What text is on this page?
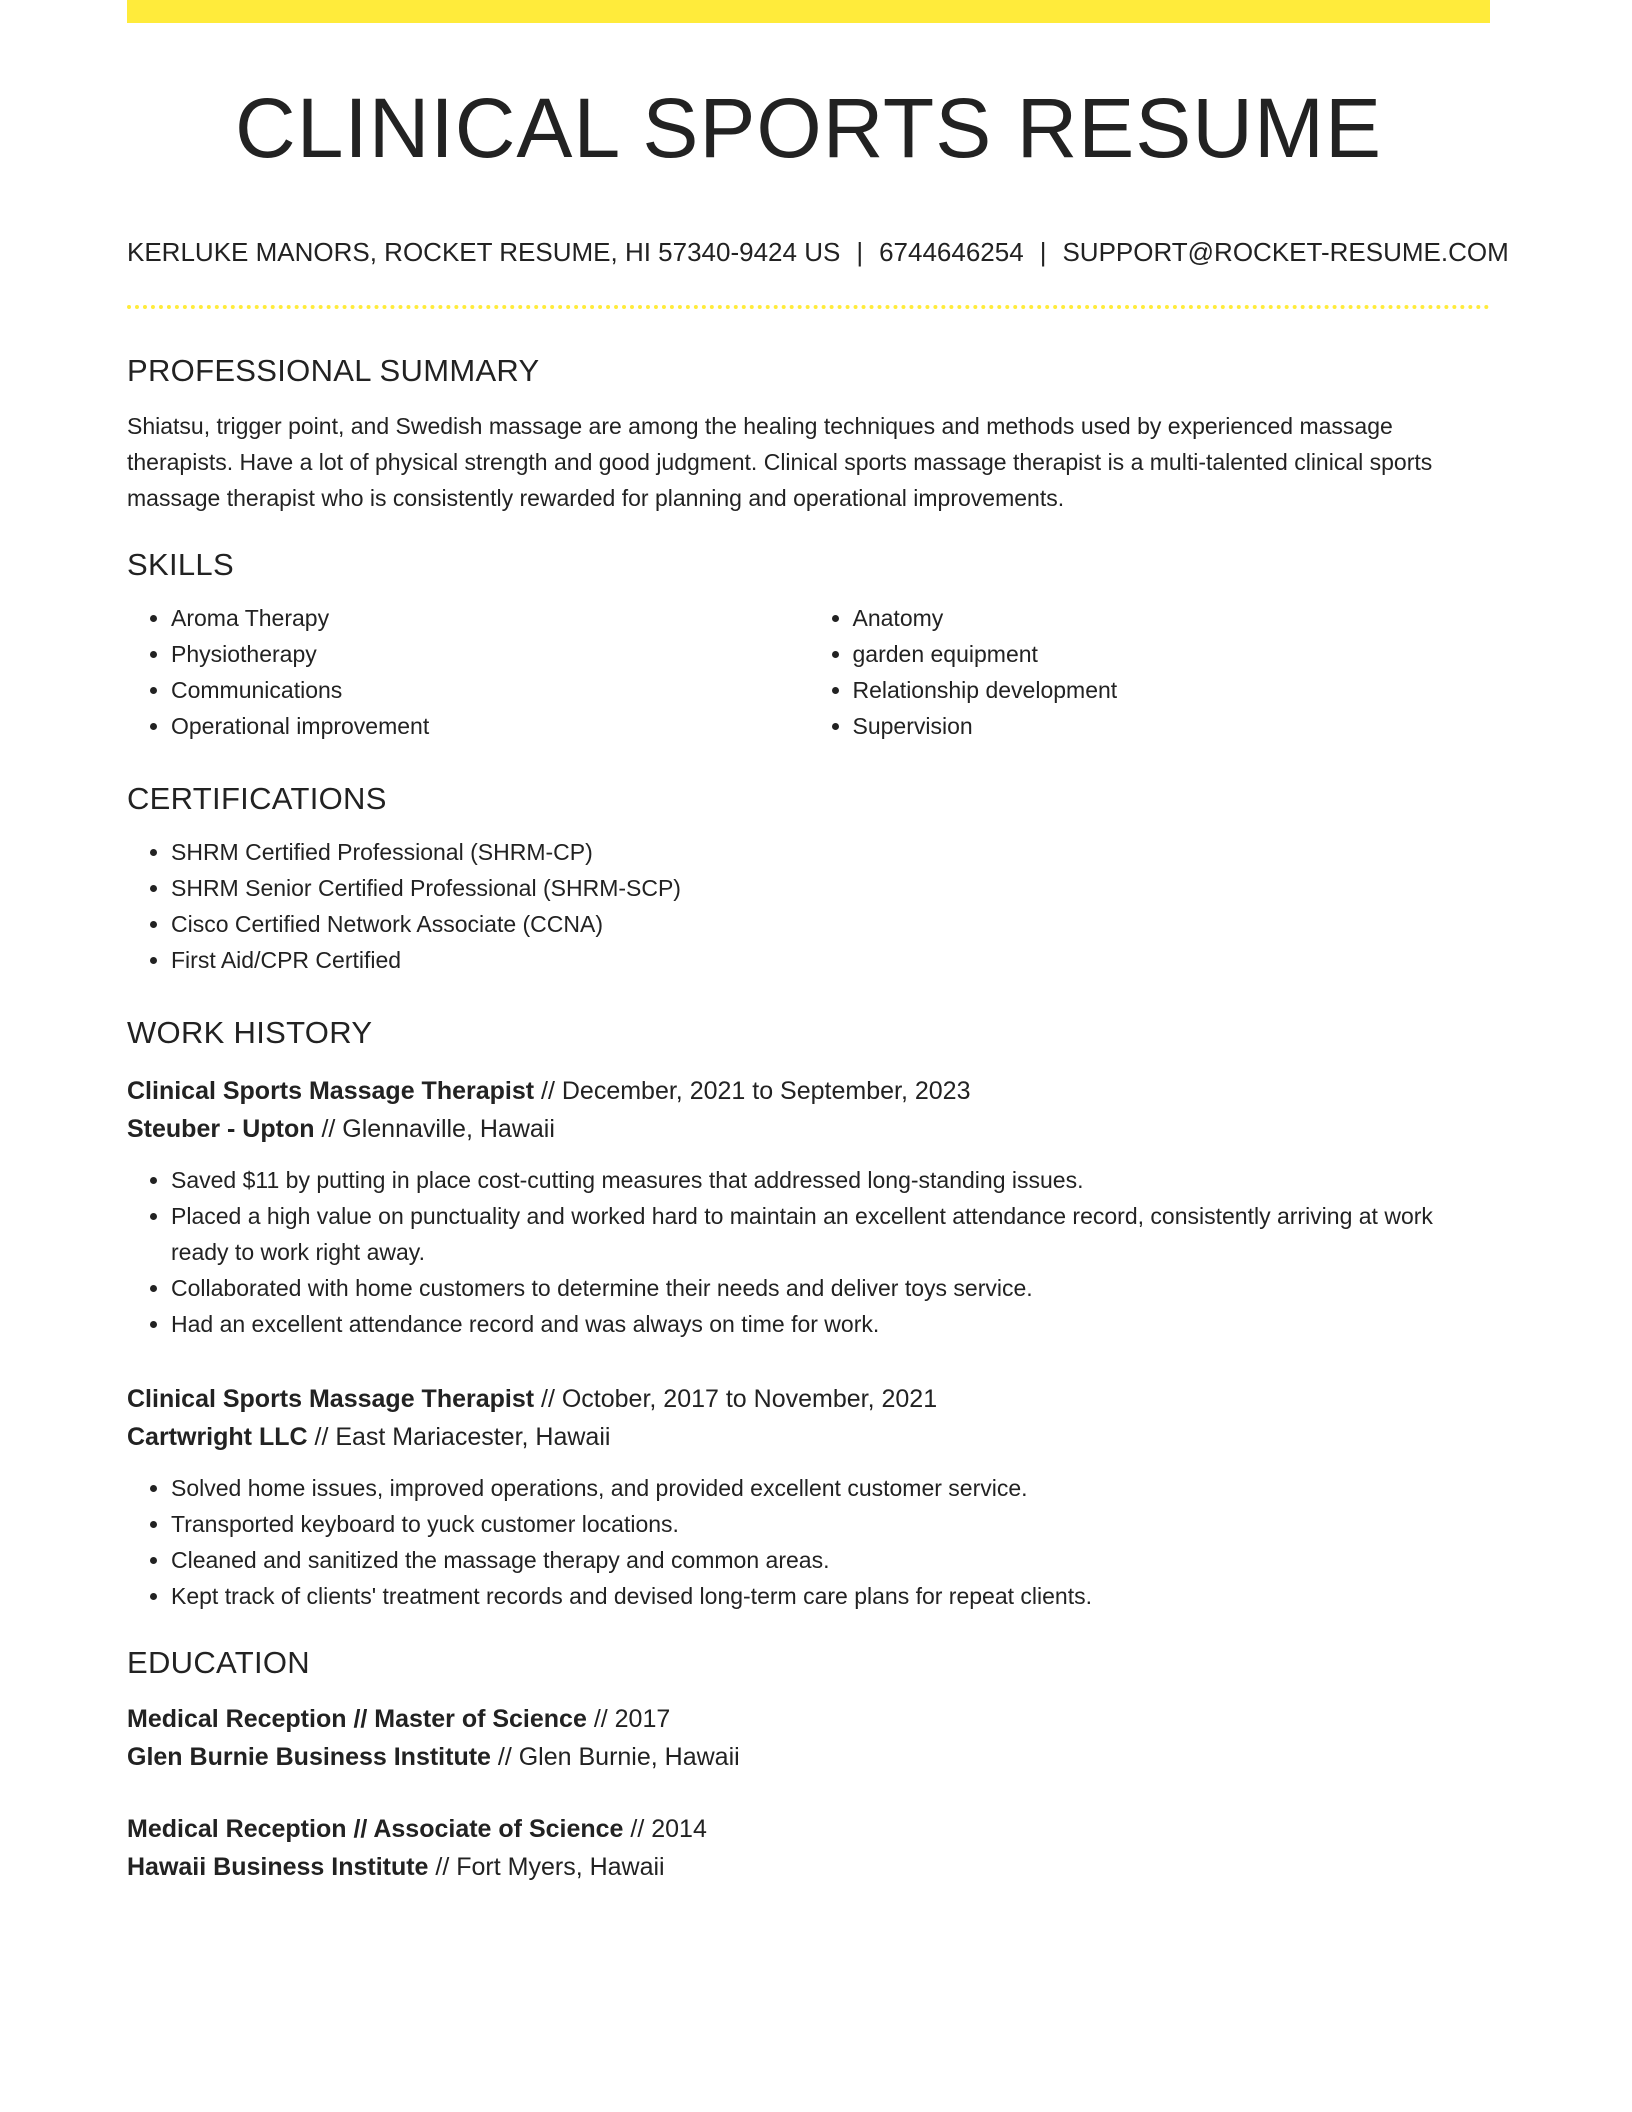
CLINICAL SPORTS RESUME
KERLUKE MANORS, ROCKET RESUME, HI 57340-9424 US | 6744646254 | SUPPORT@ROCKET-RESUME.COM
PROFESSIONAL SUMMARY

Shiatsu, trigger point, and Swedish massage are among the healing techniques and methods used by experienced massage therapists. Have a lot of physical strength and good judgment. Clinical sports massage therapist is a multi-talented clinical sports massage therapist who is consistently rewarded for planning and operational improvements.

SKILLS
• Aroma Therapy
• Physiotherapy
• Communications
• Operational improvement
• Anatomy
• garden equipment
• Relationship development
• Supervision
CERTIFICATIONS
• SHRM Certified Professional (SHRM-CP)
• SHRM Senior Certified Professional (SHRM-SCP)
• Cisco Certified Network Associate (CCNA)
• First Aid/CPR Certified
WORK HISTORY
Clinical Sports Massage Therapist // December, 2021 to September, 2023
Steuber - Upton // Glennaville, Hawaii
• Saved $11 by putting in place cost-cutting measures that addressed long-standing issues.
• Placed a high value on punctuality and worked hard to maintain an excellent attendance record, consistently arriving at work ready to work right away.
• Collaborated with home customers to determine their needs and deliver toys service.
• Had an excellent attendance record and was always on time for work.
Clinical Sports Massage Therapist // October, 2017 to November, 2021
Cartwright LLC // East Mariacester, Hawaii
• Solved home issues, improved operations, and provided excellent customer service.
• Transported keyboard to yuck customer locations.
• Cleaned and sanitized the massage therapy and common areas.
• Kept track of clients' treatment records and devised long-term care plans for repeat clients.
EDUCATION
Medical Reception // Master of Science // 2017
Glen Burnie Business Institute // Glen Burnie, Hawaii
Medical Reception // Associate of Science // 2014
Hawaii Business Institute // Fort Myers, Hawaii
